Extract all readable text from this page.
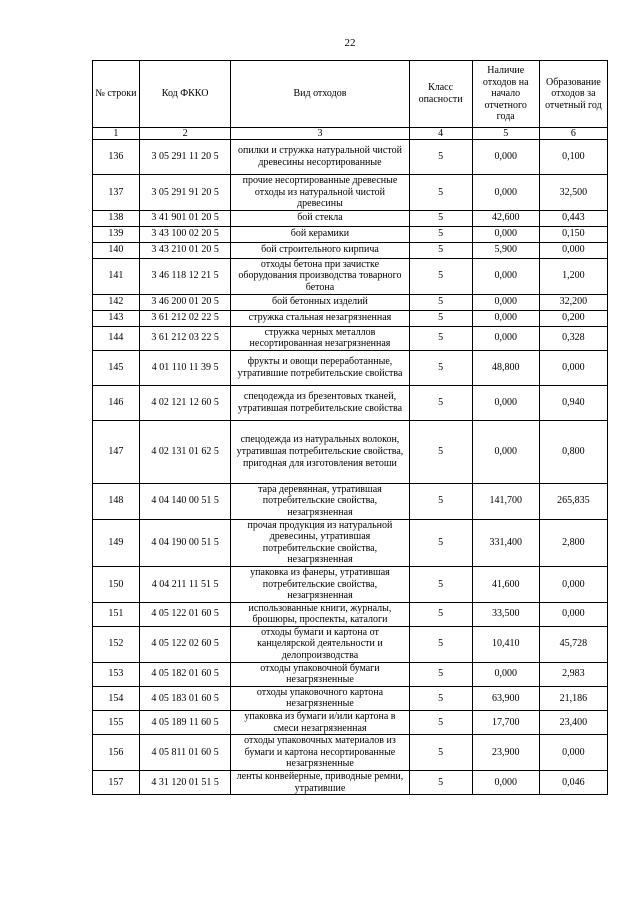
22
№ строки	Код ФККО	Вид отходов	Класс опасности	Наличие отходов на начало отчетного года	Образование отходов за отчетный год
1	2	3	4	5	6
136	3 05 291 11 20 5	опилки и стружка натуральной чистой древесины несортированные	5	0,000	0,100
137	3 05 291 91 20 5	прочие несортированные древесные отходы из натуральной чистой древесины	5	0,000	32,500
138	3 41 901 01 20 5	бой стекла	5	42,600	0,443
139	3 43 100 02 20 5	бой керамики	5	0,000	0,150
140	3 43 210 01 20 5	бой строительного кирпича	5	5,900	0,000
141	3 46 118 12 21 5	отходы бетона при зачистке оборудования производства товарного бетона	5	0,000	1,200
142	3 46 200 01 20 5	бой бетонных изделий	5	0,000	32,200
143	3 61 212 02 22 5	стружка стальная незагрязненная	5	0,000	0,200
144	3 61 212 03 22 5	стружка черных металлов несортированная незагрязненная	5	0,000	0,328
145	4 01 110 11 39 5	фрукты и овощи переработанные, утратившие потребительские свойства	5	48,800	0,000
146	4 02 121 12 60 5	спецодежда из брезентовых тканей, утратившая потребительские свойства	5	0,000	0,940
147	4 02 131 01 62 5	спецодежда из натуральных волокон, утратившая потребительские свойства, пригодная для изготовления ветоши	5	0,000	0,800
148	4 04 140 00 51 5	тара деревянная, утратившая потребительские свойства, незагрязненная	5	141,700	265,835
149	4 04 190 00 51 5	прочая продукция из натуральной древесины, утратившая потребительские свойства, незагрязненная	5	331,400	2,800
150	4 04 211 11 51 5	упаковка из фанеры, утратившая потребительские свойства, незагрязненная	5	41,600	0,000
151	4 05 122 01 60 5	использованные книги, журналы, брошюры, проспекты, каталоги	5	33,500	0,000
152	4 05 122 02 60 5	отходы бумаги и картона от канцелярской деятельности и делопроизводства	5	10,410	45,728
153	4 05 182 01 60 5	отходы упаковочной бумаги незагрязненные	5	0,000	2,983
154	4 05 183 01 60 5	отходы упаковочного картона незагрязненные	5	63,900	21,186
155	4 05 189 11 60 5	упаковка из бумаги и/или картона в смеси незагрязненная	5	17,700	23,400
156	4 05 811 01 60 5	отходы упаковочных материалов из бумаги и картона несортированные незагрязненные	5	23,900	0,000
157	4 31 120 01 51 5	ленты конвейерные, приводные ремни, утратившие	5	0,000	0,046
